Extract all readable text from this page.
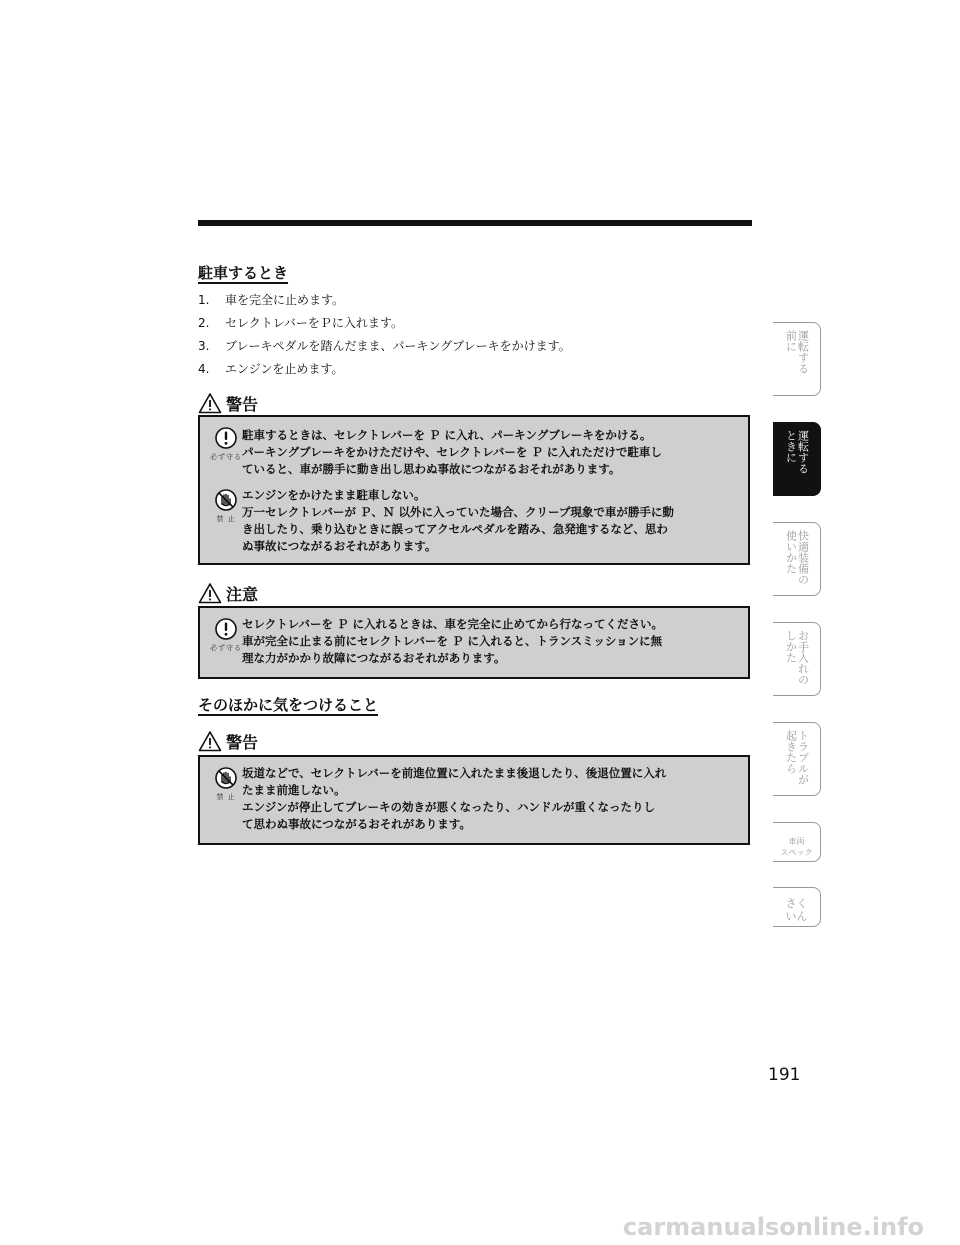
駐車するとき
1. 車を完全に止めます。
2. セレクトレバーをＰに入れます。
3. ブレーキペダルを踏んだまま、パーキングブレーキをかけます。
4. エンジンを止めます。
警告
必ず守る
駐車するときは、セレクトレバーを Ｐ に入れ、パーキングブレーキをかける。
パーキングブレーキをかけただけや、セレクトレバーを Ｐ に入れただけで駐車し
ていると、車が勝手に動き出し思わぬ事故につながるおそれがあります。
禁 止
エンジンをかけたまま駐車しない。
万一セレクトレバーが Ｐ、Ｎ 以外に入っていた場合、クリープ現象で車が勝手に動
き出したり、乗り込むときに誤ってアクセルペダルを踏み、急発進するなど、思わ
ぬ事故につながるおそれがあります。
注意
必ず守る
セレクトレバーを Ｐ に入れるときは、車を完全に止めてから行なってください。
車が完全に止まる前にセレクトレバーを Ｐ に入れると、トランスミッションに無
理な力がかかり故障につながるおそれがあります。
そのほかに気をつけること
警告
禁 止
坂道などで、セレクトレバーを前進位置に入れたまま後退したり、後退位置に入れ
たまま前進しない。
エンジンが停止してブレーキの効きが悪くなったり、ハンドルが重くなったりし
て思わぬ事故につながるおそれがあります。
運転する
前に
運転する
ときに
快適装備の
使いかた
お手入れの
しかた
トラブルが
起きたら
車両
スペック
さく
いん
191
carmanualsonline.info
